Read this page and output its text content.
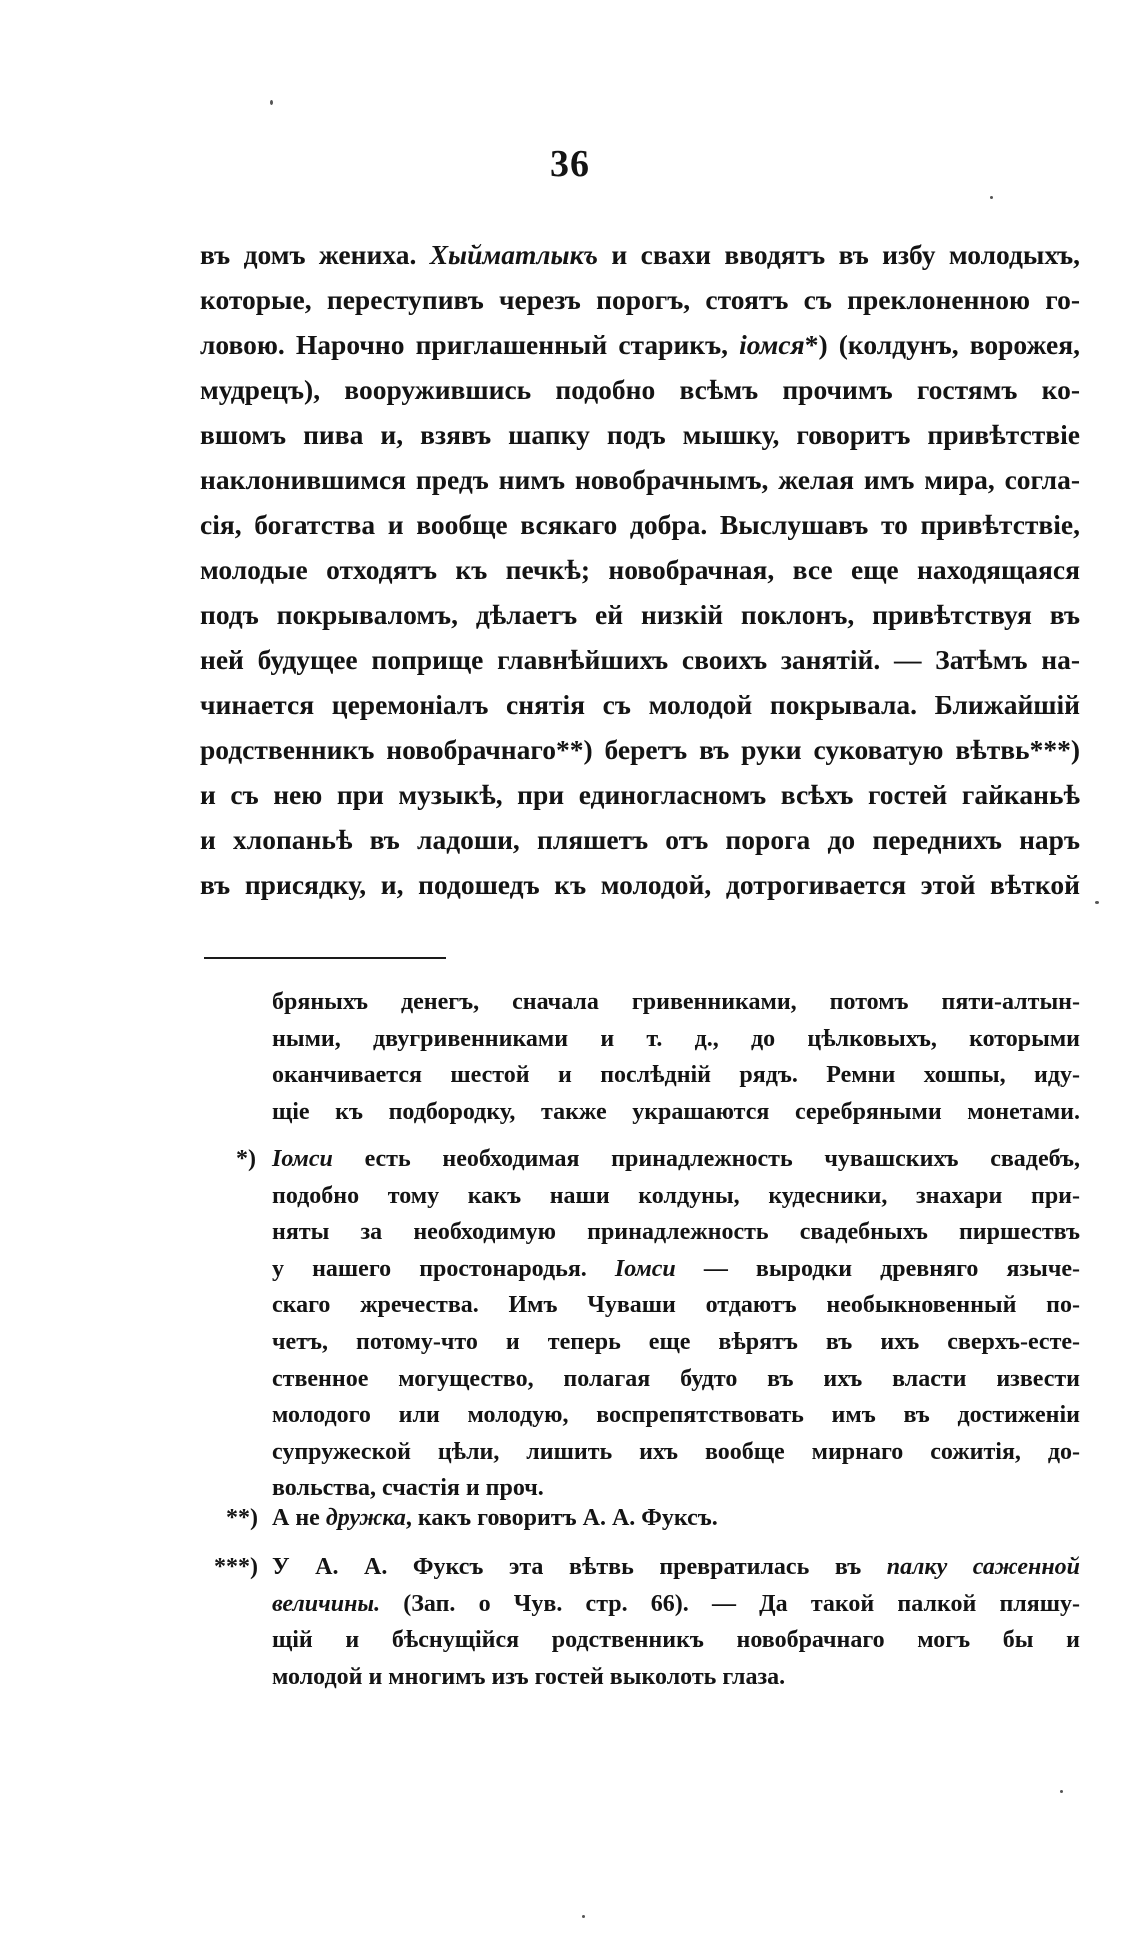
36
въ домъ жениха. Хыйматлыкъ и свахи вводятъ въ избу молодыхъ,
которые, переступивъ черезъ порогъ, стоятъ съ преклоненною го-
ловою. Нарочно приглашенный старикъ, iомся*) (колдунъ, ворожея,
мудрецъ), вооружившись подобно всѣмъ прочимъ гостямъ ко-
вшомъ пива и, взявъ шапку подъ мышку, говоритъ привѣтствiе
наклонившимся предъ нимъ новобрачнымъ, желая имъ мира, согла-
сiя, богатства и вообще всякаго добра. Выслушавъ то привѣтствiе,
молодые отходятъ къ печкѣ; новобрачная, все еще находящаяся
подъ покрываломъ, дѣлаетъ ей низкiй поклонъ, привѣтствуя въ
ней будущее поприще главнѣйшихъ своихъ занятiй. — Затѣмъ на-
чинается церемонiалъ снятiя съ молодой покрывала. Ближайшiй
родственникъ новобрачнаго**) беретъ въ руки суковатую вѣтвь***)
и съ нею при музыкѣ, при единогласномъ всѣхъ гостей гайканьѣ
и хлопаньѣ въ ладоши, пляшетъ отъ порога до переднихъ наръ
въ присядку, и, подошедъ къ молодой, дотрогивается этой вѣткой
бряныхъ денегъ, сначала гривенниками, потомъ пяти-алтын-
ными, двугривенниками и т. д., до цѣлковыхъ, которыми
оканчивается шестой и послѣднiй рядъ. Ремни хошпы, иду-
щiе къ подбородку, также украшаются серебряными монетами.
*) Iомси есть необходимая принадлежность чувашскихъ свадебъ,
подобно тому какъ наши колдуны, кудесники, знахари при-
няты за необходимую принадлежность свадебныхъ пиршествъ
у нашего простонародья. Iомси — выродки древняго языче-
скаго жречества. Имъ Чуваши отдаютъ необыкновенный по-
четъ, потому-что и теперь еще вѣрятъ въ ихъ сверхъ-есте-
ственное могущество, полагая будто въ ихъ власти извести
молодого или молодую, воспрепятствовать имъ въ достиженiи
супружеской цѣли, лишить ихъ вообще мирнаго сожитiя, до-
вольства, счастiя и проч.
**) А не дружка, какъ говоритъ А. А. Фуксъ.
***) У А. А. Фуксъ эта вѣтвь превратилась въ палку саженной
величины. (Зап. о Чув. стр. 66). — Да такой палкой пляшу-
щiй и бѣснущiйся родственникъ новобрачнаго могъ бы и
молодой и многимъ изъ гостей выколоть глаза.
